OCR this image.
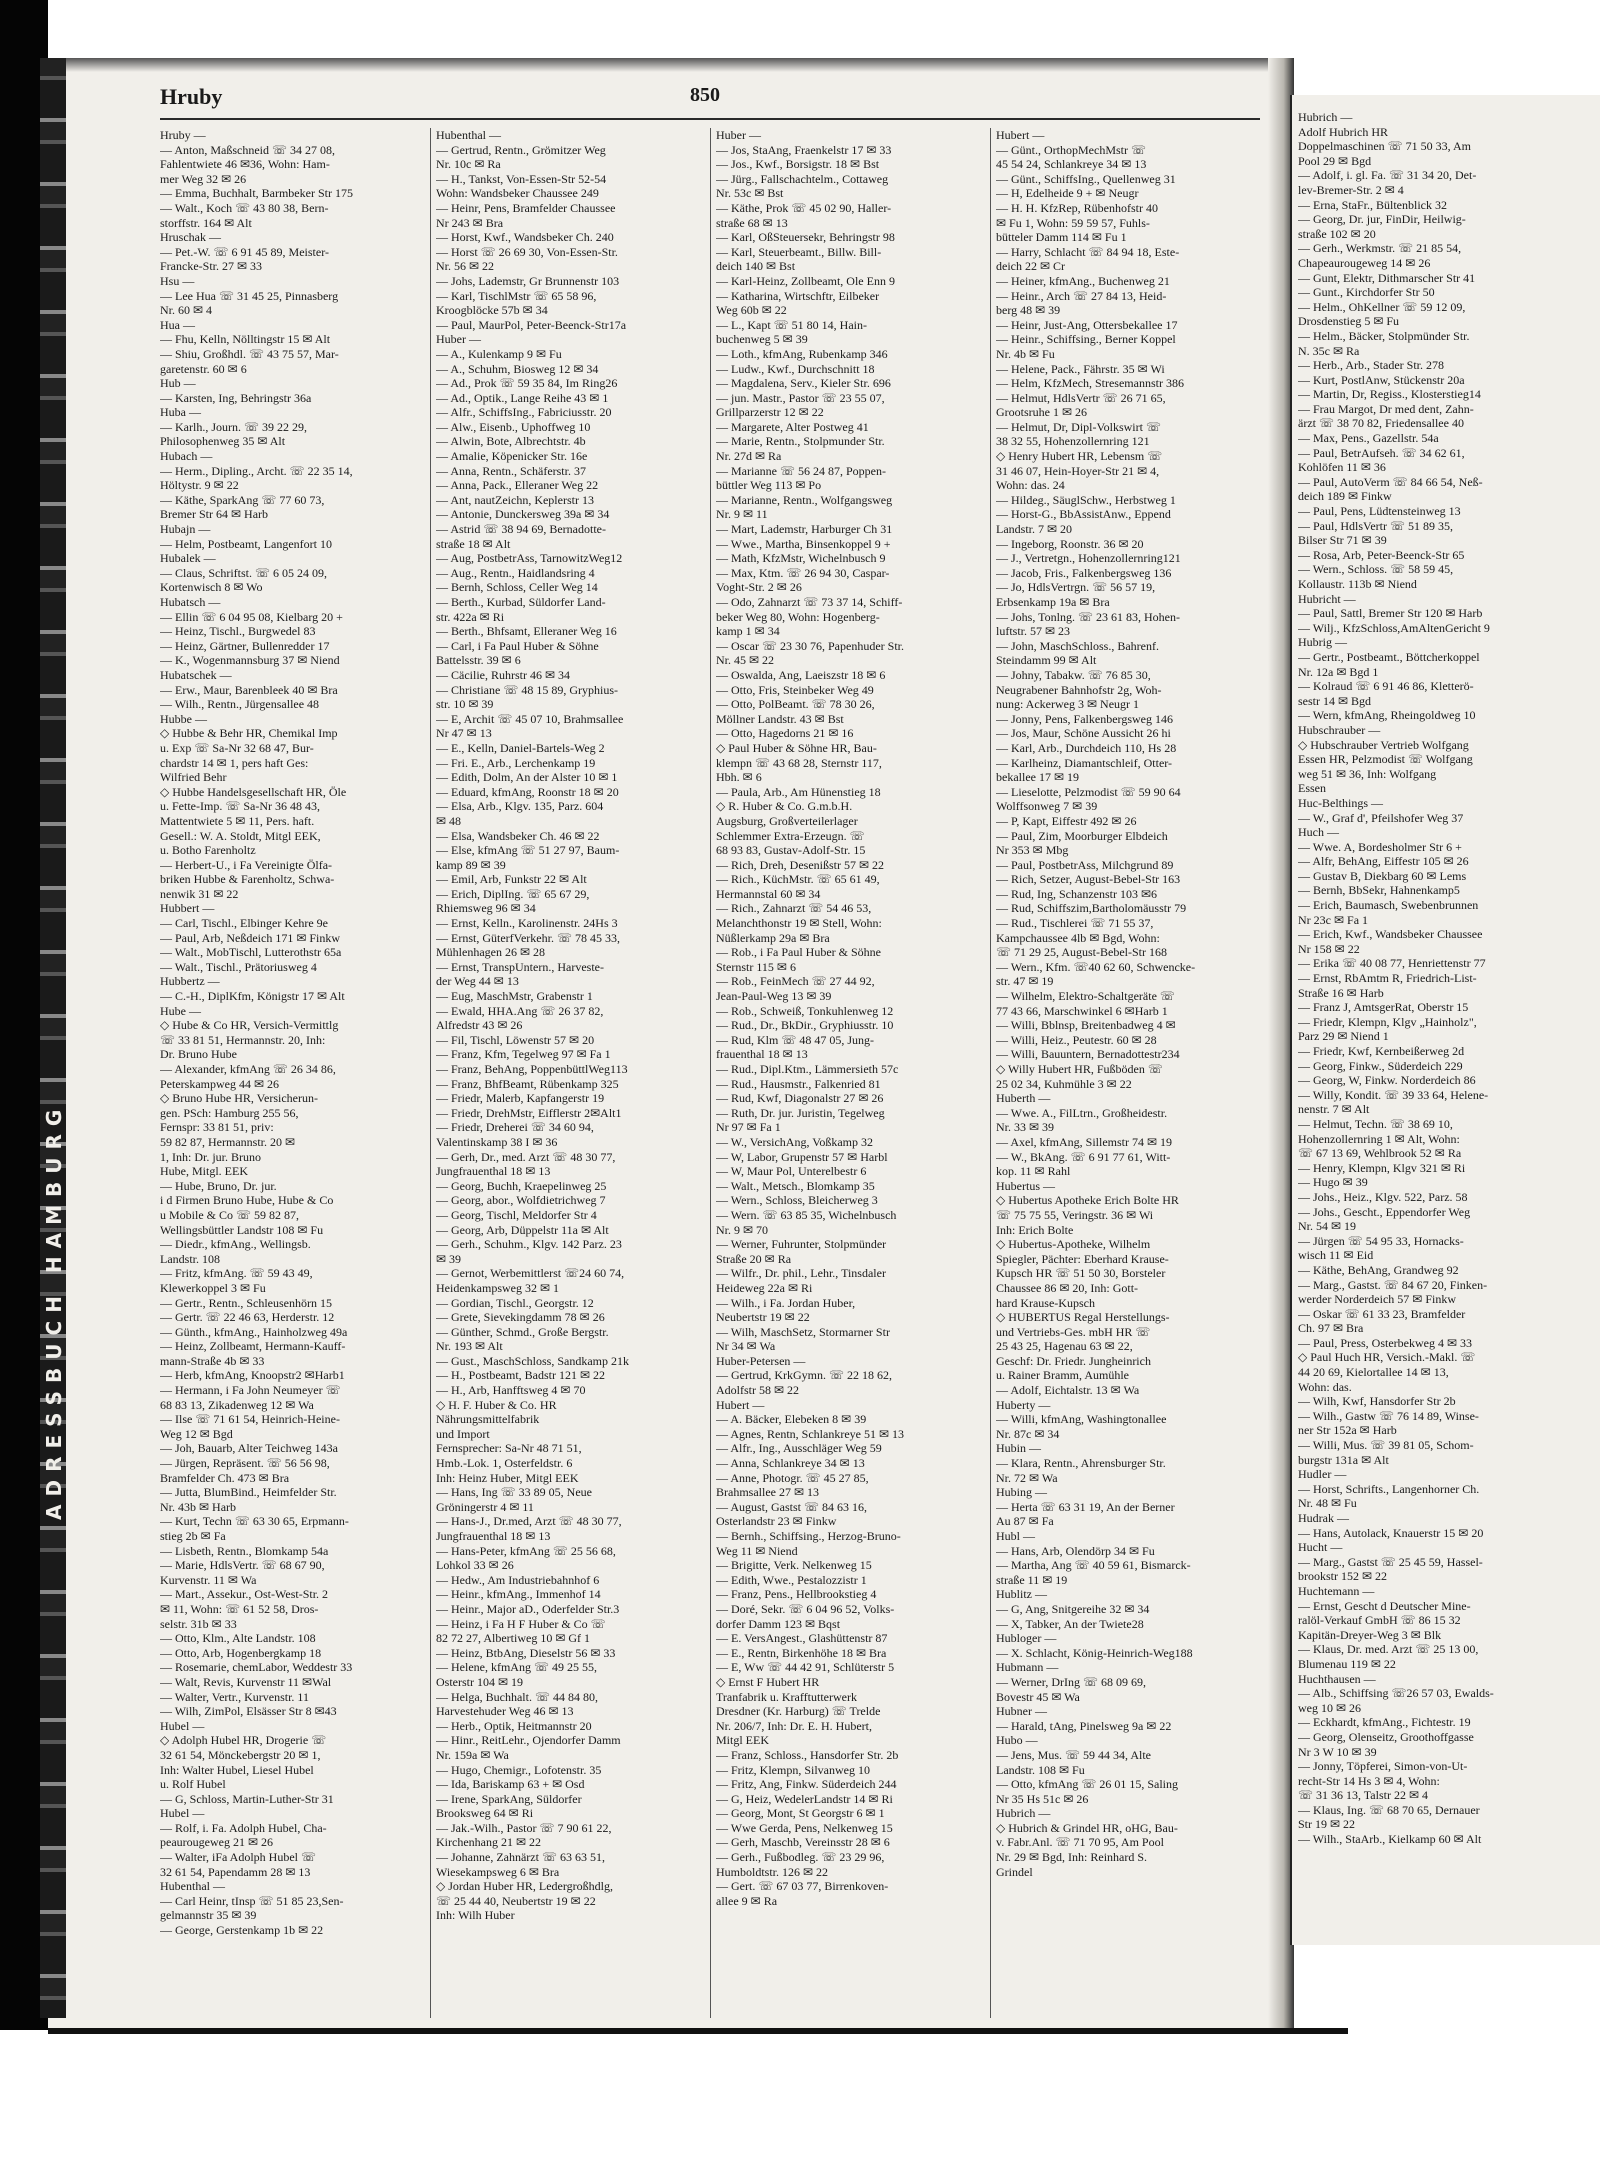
ADRESSBUCH HAMBURG
Hruby	850
Hruby —
— Anton, Maßschneid ☏ 34 27 08,
Fahlentwiete 46 ✉36, Wohn: Ham-
mer Weg 32 ✉ 26
— Emma, Buchhalt, Barmbeker Str 175
— Walt., Koch ☏ 43 80 38, Bern-
storffstr. 164 ✉ Alt
Hruschak —
— Pet.-W. ☏ 6 91 45 89, Meister-
Francke-Str. 27 ✉ 33
Hsu —
— Lee Hua ☏ 31 45 25, Pinnasberg
Nr. 60 ✉ 4
Hua —
— Fhu, Kelln, Nölltingstr 15 ✉ Alt
— Shiu, Großhdl. ☏ 43 75 57, Mar-
garetenstr. 60 ✉ 6
Hub —
— Karsten, Ing, Behringstr 36a
Huba —
— Karlh., Journ. ☏ 39 22 29,
Philosophenweg 35 ✉ Alt
Hubach —
— Herm., Dipling., Archt. ☏ 22 35 14,
Höltystr. 9 ✉ 22
— Käthe, SparkAng ☏ 77 60 73,
Bremer Str 64 ✉ Harb
Hubajn —
— Helm, Postbeamt, Langenfort 10
Hubalek —
— Claus, Schriftst. ☏ 6 05 24 09,
Kortenwisch 8 ✉ Wo
Hubatsch —
— Ellin ☏ 6 04 95 08, Kielbarg 20 +
— Heinz, Tischl., Burgwedel 83
— Heinz, Gärtner, Bullenredder 17
— K., Wogenmannsburg 37 ✉ Niend
Hubatschek —
— Erw., Maur, Barenbleek 40 ✉ Bra
— Wilh., Rentn., Jürgensallee 48
Hubbe —
◇ Hubbe & Behr HR, Chemikal Imp
u. Exp ☏ Sa-Nr 32 68 47, Bur-
chardstr 14 ✉ 1, pers haft Ges:
Wilfried Behr
◇ Hubbe Handelsgesellschaft HR, Öle
u. Fette-Imp. ☏ Sa-Nr 36 48 43,
Mattentwiete 5 ✉ 11, Pers. haft.
Gesell.: W. A. Stoldt, Mitgl EEK,
u. Botho Farenholtz
— Herbert-U., i Fa Vereinigte Ölfa-
briken Hubbe & Farenholtz, Schwa-
nenwik 31 ✉ 22
Hubbert —
— Carl, Tischl., Elbinger Kehre 9e
— Paul, Arb, Neßdeich 171 ✉ Finkw
— Walt., MobTischl, Lutterothstr 65a
— Walt., Tischl., Prätoriusweg 4
Hubbertz —
— C.-H., DiplKfm, Königstr 17 ✉ Alt
Hube —
◇ Hube & Co HR, Versich-Vermittlg
☏ 33 81 51, Hermannstr. 20, Inh:
Dr. Bruno Hube
— Alexander, kfmAng ☏ 26 34 86,
Peterskampweg 44 ✉ 26
◇ Bruno Hube HR, Versicherun-
gen. PSch: Hamburg 255 56,
Fernspr: 33 81 51, priv:
59 82 87, Hermannstr. 20 ✉
1, Inh: Dr. jur. Bruno
Hube, Mitgl. EEK
— Hube, Bruno, Dr. jur.
i d Firmen Bruno Hube, Hube & Co
u Mobile & Co ☏ 59 82 87,
Wellingsbüttler Landstr 108 ✉ Fu
— Diedr., kfmAng., Wellingsb.
Landstr. 108
— Fritz, kfmAng. ☏ 59 43 49,
Klewerkoppel 3 ✉ Fu
— Gertr., Rentn., Schleusenhörn 15
— Gertr. ☏ 22 46 63, Herderstr. 12
— Günth., kfmAng., Hainholzweg 49a
— Heinz, Zollbeamt, Hermann-Kauff-
mann-Straße 4b ✉ 33
— Herb, kfmAng, Knoopstr2 ✉Harb1
— Hermann, i Fa John Neumeyer ☏
68 83 13, Zikadenweg 12 ✉ Wa
— Ilse ☏ 71 61 54, Heinrich-Heine-
Weg 12 ✉ Bgd
— Joh, Bauarb, Alter Teichweg 143a
— Jürgen, Repräsent. ☏ 56 56 98,
Bramfelder Ch. 473 ✉ Bra
— Jutta, BlumBind., Heimfelder Str.
Nr. 43b ✉ Harb
— Kurt, Techn ☏ 63 30 65, Erpmann-
stieg 2b ✉ Fa
— Lisbeth, Rentn., Blomkamp 54a
— Marie, HdlsVertr. ☏ 68 67 90,
Kurvenstr. 11 ✉ Wa
— Mart., Assekur., Ost-West-Str. 2
✉ 11, Wohn: ☏ 61 52 58, Dros-
selstr. 31b ✉ 33
— Otto, Klm., Alte Landstr. 108
— Otto, Arb, Hogenbergkamp 18
— Rosemarie, chemLabor, Weddestr 33
— Walt, Revis, Kurvenstr 11 ✉Wal
— Walter, Vertr., Kurvenstr. 11
— Wilh, ZimPol, Elsässer Str 8 ✉43
Hubel —
◇ Adolph Hubel HR, Drogerie ☏
32 61 54, Mönckebergstr 20 ✉ 1,
Inh: Walter Hubel, Liesel Hubel
u. Rolf Hubel
— G, Schloss, Martin-Luther-Str 31
Hubel —
— Rolf, i. Fa. Adolph Hubel, Cha-
peaurougeweg 21 ✉ 26
— Walter, iFa Adolph Hubel ☏
32 61 54, Papendamm 28 ✉ 13
Hubenthal —
— Carl Heinr, tInsp ☏ 51 85 23,Sen-
gelmannstr 35 ✉ 39
— George, Gerstenkamp 1b ✉ 22
Hubenthal —
— Gertrud, Rentn., Grömitzer Weg
Nr. 10c ✉ Ra
— H., Tankst, Von-Essen-Str 52-54
Wohn: Wandsbeker Chaussee 249
— Heinr, Pens, Bramfelder Chaussee
Nr 243 ✉ Bra
— Horst, Kwf., Wandsbeker Ch. 240
— Horst ☏ 26 69 30, Von-Essen-Str.
Nr. 56 ✉ 22
— Johs, Lademstr, Gr Brunnenstr 103
— Karl, TischlMstr ☏ 65 58 96,
Kroogblöcke 57b ✉ 34
— Paul, MaurPol, Peter-Beenck-Str17a
Huber —
— A., Kulenkamp 9 ✉ Fu
— A., Schuhm, Biosweg 12 ✉ 34
— Ad., Prok ☏ 59 35 84, Im Ring26
— Ad., Optik., Lange Reihe 43 ✉ 1
— Alfr., SchiffsIng., Fabriciusstr. 20
— Alw., Eisenb., Uphoffweg 10
— Alwin, Bote, Albrechtstr. 4b
— Amalie, Köpenicker Str. 16e
— Anna, Rentn., Schäferstr. 37
— Anna, Pack., Elleraner Weg 22
— Ant, nautZeichn, Keplerstr 13
— Antonie, Dunckersweg 39a ✉ 34
— Astrid ☏ 38 94 69, Bernadotte-
straße 18 ✉ Alt
— Aug, PostbetrAss, TarnowitzWeg12
— Aug., Rentn., Haidlandsring 4
— Bernh, Schloss, Celler Weg 14
— Berth., Kurbad, Süldorfer Land-
str. 422a ✉ Ri
— Berth., Bhfsamt, Elleraner Weg 16
— Carl, i Fa Paul Huber & Söhne
Battelsstr. 39 ✉ 6
— Cäcilie, Ruhrstr 46 ✉ 34
— Christiane ☏ 48 15 89, Gryphius-
str. 10 ✉ 39
— E, Archit ☏ 45 07 10, Brahmsallee
Nr 47 ✉ 13
— E., Kelln, Daniel-Bartels-Weg 2
— Fri. E., Arb., Lerchenkamp 19
— Edith, Dolm, An der Alster 10 ✉ 1
— Eduard, kfmAng, Roonstr 18 ✉ 20
— Elsa, Arb., Klgv. 135, Parz. 604
✉ 48
— Elsa, Wandsbeker Ch. 46 ✉ 22
— Else, kfmAng ☏ 51 27 97, Baum-
kamp 89 ✉ 39
— Emil, Arb, Funkstr 22 ✉ Alt
— Erich, DiplIng. ☏ 65 67 29,
Rhiemsweg 96 ✉ 34
— Ernst, Kelln., Karolinenstr. 24Hs 3
— Ernst, GüterfVerkehr. ☏ 78 45 33,
Mühlenhagen 26 ✉ 28
— Ernst, TranspUntern., Harveste-
der Weg 44 ✉ 13
— Eug, MaschMstr, Grabenstr 1
— Ewald, HHA.Ang ☏ 26 37 82,
Alfredstr 43 ✉ 26
— Fil, Tischl, Löwenstr 57 ✉ 20
— Franz, Kfm, Tegelweg 97 ✉ Fa 1
— Franz, BehAng, PoppenbüttlWeg113
— Franz, BhfBeamt, Rübenkamp 325
— Friedr, Malerb, Kapfangerstr 19
— Friedr, DrehMstr, Eifflerstr 2✉Alt1
— Friedr, Dreherei ☏ 34 60 94,
Valentinskamp 38 I ✉ 36
— Gerh, Dr., med. Arzt ☏ 48 30 77,
Jungfrauenthal 18 ✉ 13
— Georg, Buchh, Kraepelinweg 25
— Georg, abor., Wolfdietrichweg 7
— Georg, Tischl, Meldorfer Str 4
— Georg, Arb, Düppelstr 11a ✉ Alt
— Gerh., Schuhm., Klgv. 142 Parz. 23
✉ 39
— Gernot, Werbemittlerst ☏24 60 74,
Heidenkampsweg 32 ✉ 1
— Gordian, Tischl., Georgstr. 12
— Grete, Sievekingdamm 78 ✉ 26
— Günther, Schmd., Große Bergstr.
Nr. 193 ✉ Alt
— Gust., MaschSchloss, Sandkamp 21k
— H., Postbeamt, Badstr 121 ✉ 22
— H., Arb, Hanfftsweg 4 ✉ 70
◇ H. F. Huber & Co. HR
Nährungsmittelfabrik
und Import
Fernsprecher: Sa-Nr 48 71 51,
Hmb.-Lok. 1, Osterfeldstr. 6
Inh: Heinz Huber, Mitgl EEK
— Hans, Ing ☏ 33 89 05, Neue
Gröningerstr 4 ✉ 11
— Hans-J., Dr.med, Arzt ☏ 48 30 77,
Jungfrauenthal 18 ✉ 13
— Hans-Peter, kfmAng ☏ 25 56 68,
Lohkol 33 ✉ 26
— Hedw., Am Industriebahnhof 6
— Heinr., kfmAng., Immenhof 14
— Heinr., Major aD., Oderfelder Str.3
— Heinz, i Fa H F Huber & Co ☏
82 72 27, Albertiweg 10 ✉ Gf 1
— Heinz, BtbAng, Dieselstr 56 ✉ 33
— Helene, kfmAng ☏ 49 25 55,
Osterstr 104 ✉ 19
— Helga, Buchhalt. ☏ 44 84 80,
Harvestehuder Weg 46 ✉ 13
— Herb., Optik, Heitmannstr 20
— Hinr., ReitLehr., Ojendorfer Damm
Nr. 159a ✉ Wa
— Hugo, Chemigr., Lofotenstr. 35
— Ida, Bariskamp 63 + ✉ Osd
— Irene, SparkAng, Süldorfer
Brooksweg 64 ✉ Ri
— Jak.-Wilh., Pastor ☏ 7 90 61 22,
Kirchenhang 21 ✉ 22
— Johanne, Zahnärzt ☏ 63 63 51,
Wiesekampsweg 6 ✉ Bra
◇ Jordan Huber HR, Ledergroßhdlg,
☏ 25 44 40, Neubertstr 19 ✉ 22
Inh: Wilh Huber
Huber —
— Jos, StaAng, Fraenkelstr 17 ✉ 33
— Jos., Kwf., Borsigstr. 18 ✉ Bst
— Jürg., Fallschachtelm., Cottaweg
Nr. 53c ✉ Bst
— Käthe, Prok ☏ 45 02 90, Haller-
straße 68 ✉ 13
— Karl, OßSteuersekr, Behringstr 98
— Karl, Steuerbeamt., Billw. Bill-
deich 140 ✉ Bst
— Karl-Heinz, Zollbeamt, Ole Enn 9
— Katharina, Wirtschftr, Eilbeker
Weg 60b ✉ 22
— L., Kapt ☏ 51 80 14, Hain-
buchenweg 5 ✉ 39
— Loth., kfmAng, Rubenkamp 346
— Ludw., Kwf., Durchschnitt 18
— Magdalena, Serv., Kieler Str. 696
— jun. Mastr., Pastor ☏ 23 55 07,
Grillparzerstr 12 ✉ 22
— Margarete, Alter Postweg 41
— Marie, Rentn., Stolpmunder Str.
Nr. 27d ✉ Ra
— Marianne ☏ 56 24 87, Poppen-
büttler Weg 113 ✉ Po
— Marianne, Rentn., Wolfgangsweg
Nr. 9 ✉ 11
— Mart, Lademstr, Harburger Ch 31
— Wwe., Martha, Binsenkoppel 9 +
— Math, KfzMstr, Wichelnbusch 9
— Max, Ktm. ☏ 26 94 30, Caspar-
Voght-Str. 2 ✉ 26
— Odo, Zahnarzt ☏ 73 37 14, Schiff-
beker Weg 80, Wohn: Hogenberg-
kamp 1 ✉ 34
— Oscar ☏ 23 30 76, Papenhuder Str.
Nr. 45 ✉ 22
— Oswalda, Ang, Laeiszstr 18 ✉ 6
— Otto, Fris, Steinbeker Weg 49
— Otto, PolBeamt. ☏ 78 30 26,
Möllner Landstr. 43 ✉ Bst
— Otto, Hagedorns 21 ✉ 16
◇ Paul Huber & Söhne HR, Bau-
klempn ☏ 43 68 28, Sternstr 117,
Hbh. ✉ 6
— Paula, Arb., Am Hünenstieg 18
◇ R. Huber & Co. G.m.b.H.
Augsburg, Großverteilerlager
Schlemmer Extra-Erzeugn. ☏
68 93 83, Gustav-Adolf-Str. 15
— Rich, Dreh, Desenißstr 57 ✉ 22
— Rich., KüchMstr. ☏ 65 61 49,
Hermannstal 60 ✉ 34
— Rich., Zahnarzt ☏ 54 46 53,
Melanchthonstr 19 ✉ Stell, Wohn:
Nüßlerkamp 29a ✉ Bra
— Rob., i Fa Paul Huber & Söhne
Sternstr 115 ✉ 6
— Rob., FeinMech ☏ 27 44 92,
Jean-Paul-Weg 13 ✉ 39
— Rob., Schweiß, Tonkuhlenweg 12
— Rud., Dr., BkDir., Gryphiusstr. 10
— Rud, Klm ☏ 48 47 05, Jung-
frauenthal 18 ✉ 13
— Rud., Dipl.Ktm., Lämmersieth 57c
— Rud., Hausmstr., Falkenried 81
— Rud, Kwf, Diagonalstr 27 ✉ 26
— Ruth, Dr. jur. Juristin, Tegelweg
Nr 97 ✉ Fa 1
— W., VersichAng, Voßkamp 32
— W, Labor, Grupenstr 57 ✉ Harbl
— W, Maur Pol, Unterelbestr 6
— Walt., Metsch., Blomkamp 35
— Wern., Schloss, Bleicherweg 3
— Wern. ☏ 63 85 35, Wichelnbusch
Nr. 9 ✉ 70
— Werner, Fuhrunter, Stolpmünder
Straße 20 ✉ Ra
— Wilfr., Dr. phil., Lehr., Tinsdaler
Heideweg 22a ✉ Ri
— Wilh., i Fa. Jordan Huber,
Neubertstr 19 ✉ 22
— Wilh, MaschSetz, Stormarner Str
Nr 34 ✉ Wa
Huber-Petersen —
— Gertrud, KrkGymn. ☏ 22 18 62,
Adolfstr 58 ✉ 22
Hubert —
— A. Bäcker, Elebeken 8 ✉ 39
— Agnes, Rentn, Schlankreye 51 ✉ 13
— Alfr., Ing., Ausschläger Weg 59
— Anna, Schlankreye 34 ✉ 13
— Anne, Photogr. ☏ 45 27 85,
Brahmsallee 27 ✉ 13
— August, Gastst ☏ 84 63 16,
Osterlandstr 23 ✉ Finkw
— Bernh., Schiffsing., Herzog-Bruno-
Weg 11 ✉ Niend
— Brigitte, Verk. Nelkenweg 15
— Edith, Wwe., Pestalozzistr 1
— Franz, Pens., Hellbrookstieg 4
— Doré, Sekr. ☏ 6 04 96 52, Volks-
dorfer Damm 123 ✉ Bqst
— E. VersAngest., Glashüttenstr 87
— E., Rentn, Birkenhöhe 18 ✉ Bra
— E, Ww ☏ 44 42 91, Schlüterstr 5
◇ Ernst F Hubert HR
Tranfabrik u. Krafftutterwerk
Dresdner (Kr. Harburg) ☏ Trelde
Nr. 206/7, Inh: Dr. E. H. Hubert,
Mitgl EEK
— Franz, Schloss., Hansdorfer Str. 2b
— Fritz, Klempn, Silvanweg 10
— Fritz, Ang, Finkw. Süderdeich 244
— G, Heiz, WedelerLandstr 14 ✉ Ri
— Georg, Mont, St Georgstr 6 ✉ 1
— Wwe Gerda, Pens, Nelkenweg 15
— Gerh, Maschb, Vereinsstr 28 ✉ 6
— Gerh., Fußbodleg. ☏ 23 29 96,
Humboldtstr. 126 ✉ 22
— Gert. ☏ 67 03 77, Birrenkoven-
allee 9 ✉ Ra
Hubert —
— Günt., OrthopMechMstr ☏
45 54 24, Schlankreye 34 ✉ 13
— Günt., SchiffsIng., Quellenweg 31
— H, Edelheide 9 + ✉ Neugr
— H. H. KfzRep, Rübenhofstr 40
✉ Fu 1, Wohn: 59 59 57, Fuhls-
bütteler Damm 114 ✉ Fu 1
— Harry, Schlacht ☏ 84 94 18, Este-
deich 22 ✉ Cr
— Heiner, kfmAng., Buchenweg 21
— Heinr., Arch ☏ 27 84 13, Heid-
berg 48 ✉ 39
— Heinr, Just-Ang, Ottersbekallee 17
— Heinr., Schiffsing., Berner Koppel
Nr. 4b ✉ Fu
— Helene, Pack., Fährstr. 35 ✉ Wi
— Helm, KfzMech, Stresemannstr 386
— Helmut, HdlsVertr ☏ 26 71 65,
Grootsruhe 1 ✉ 26
— Helmut, Dr, Dipl-Volkswirt ☏
38 32 55, Hohenzollernring 121
◇ Henry Hubert HR, Lebensm ☏
31 46 07, Hein-Hoyer-Str 21 ✉ 4,
Wohn: das. 24
— Hildeg., SäuglSchw., Herbstweg 1
— Horst-G., BbAssistAnw., Eppend
Landstr. 7 ✉ 20
— Ingeborg, Roonstr. 36 ✉ 20
— J., Vertretgn., Hohenzollernring121
— Jacob, Fris., Falkenbergsweg 136
— Jo, HdlsVertrgn. ☏ 56 57 19,
Erbsenkamp 19a ✉ Bra
— Johs, Tonlng. ☏ 23 61 83, Hohen-
luftstr. 57 ✉ 23
— John, MaschSchloss., Bahrenf.
Steindamm 99 ✉ Alt
— Johny, Tabakw. ☏ 76 85 30,
Neugrabener Bahnhofstr 2g, Woh-
nung: Ackerweg 3 ✉ Neugr 1
— Jonny, Pens, Falkenbergsweg 146
— Jos, Maur, Schöne Aussicht 26 hi
— Karl, Arb., Durchdeich 110, Hs 28
— Karlheinz, Diamantschleif, Otter-
bekallee 17 ✉ 19
— Lieselotte, Pelzmodist ☏ 59 90 64
Wolffsonweg 7 ✉ 39
— P, Kapt, Eiffestr 492 ✉ 26
— Paul, Zim, Moorburger Elbdeich
Nr 353 ✉ Mbg
— Paul, PostbetrAss, Milchgrund 89
— Rich, Setzer, August-Bebel-Str 163
— Rud, Ing, Schanzenstr 103 ✉6
— Rud, Schiffszim,Bartholomäusstr 79
— Rud., Tischlerei ☏ 71 55 37,
Kampchaussee 4lb ✉ Bgd, Wohn:
☏ 71 29 25, August-Bebel-Str 168
— Wern., Kfm. ☏40 62 60, Schwencke-
str. 47 ✉ 19
— Wilhelm, Elektro-Schaltgeräte ☏
77 43 66, Marschwinkel 6 ✉Harb 1
— Willi, Bblnsp, Breitenbadweg 4 ✉
— Willi, Heiz., Peutestr. 60 ✉ 28
— Willi, Bauuntern, Bernadottestr234
◇ Willy Hubert HR, Fußböden ☏
25 02 34, Kuhmühle 3 ✉ 22
Huberth —
— Wwe. A., FilLtrn., Großheidestr.
Nr. 33 ✉ 39
— Axel, kfmAng, Sillemstr 74 ✉ 19
— W., BkAng. ☏ 6 91 77 61, Witt-
kop. 11 ✉ Rahl
Hubertus —
◇ Hubertus Apotheke Erich Bolte HR
☏ 75 75 55, Veringstr. 36 ✉ Wi
Inh: Erich Bolte
◇ Hubertus-Apotheke, Wilhelm
Spiegler, Pächter: Eberhard Krause-
Kupsch HR ☏ 51 50 30, Borsteler
Chaussee 86 ✉ 20, Inh: Gott-
hard Krause-Kupsch
◇ HUBERTUS Regal Herstellungs-
und Vertriebs-Ges. mbH HR ☏
25 43 25, Hagenau 63 ✉ 22,
Geschf: Dr. Friedr. Jungheinrich
u. Rainer Bramm, Aumühle
— Adolf, Eichtalstr. 13 ✉ Wa
Huberty —
— Willi, kfmAng, Washingtonallee
Nr. 87c ✉ 34
Hubin —
— Klara, Rentn., Ahrensburger Str.
Nr. 72 ✉ Wa
Hubing —
— Herta ☏ 63 31 19, An der Berner
Au 87 ✉ Fa
Hubl —
— Hans, Arb, Olendörp 34 ✉ Fu
— Martha, Ang ☏ 40 59 61, Bismarck-
straße 11 ✉ 19
Hublitz —
— G, Ang, Snitgereihe 32 ✉ 34
— X, Tabker, An der Twiete28
Hubloger —
— X. Schlacht, König-Heinrich-Weg188
Hubmann —
— Werner, DrIng ☏ 68 09 69,
Bovestr 45 ✉ Wa
Hubner —
— Harald, tAng, Pinelsweg 9a ✉ 22
Hubo —
— Jens, Mus. ☏ 59 44 34, Alte
Landstr. 108 ✉ Fu
— Otto, kfmAng ☏ 26 01 15, Saling
Nr 35 Hs 51c ✉ 26
Hubrich —
◇ Hubrich & Grindel HR, oHG, Bau-
v. Fabr.Anl. ☏ 71 70 95, Am Pool
Nr. 29 ✉ Bgd, Inh: Reinhard S.
Grindel
Hubrich —
Adolf Hubrich HR
Doppelmaschinen ☏ 71 50 33, Am
Pool 29 ✉ Bgd
— Adolf, i. gl. Fa. ☏ 31 34 20, Det-
lev-Bremer-Str. 2 ✉ 4
— Erna, StaFr., Bültenblick 32
— Georg, Dr. jur, FinDir, Heilwig-
straße 102 ✉ 20
— Gerh., Werkmstr. ☏ 21 85 54,
Chapeaurougeweg 14 ✉ 26
— Gunt, Elektr, Dithmarscher Str 41
— Gunt., Kirchdorfer Str 50
— Helm., OhKellner ☏ 59 12 09,
Drosdenstieg 5 ✉ Fu
— Helm., Bäcker, Stolpmünder Str.
N. 35c ✉ Ra
— Herb., Arb., Stader Str. 278
— Kurt, PostlAnw, Stückenstr 20a
— Martin, Dr, Regiss., Klosterstieg14
— Frau Margot, Dr med dent, Zahn-
ärzt ☏ 38 70 82, Friedensallee 40
— Max, Pens., Gazellstr. 54a
— Paul, BetrAufseh. ☏ 34 62 61,
Kohlöfen 11 ✉ 36
— Paul, AutoVerm ☏ 84 66 54, Neß-
deich 189 ✉ Finkw
— Paul, Pens, Lüdtensteinweg 13
— Paul, HdlsVertr ☏ 51 89 35,
Bilser Str 71 ✉ 39
— Rosa, Arb, Peter-Beenck-Str 65
— Wern., Schloss. ☏ 58 59 45,
Kollaustr. 113b ✉ Niend
Hubricht —
— Paul, Sattl, Bremer Str 120 ✉ Harb
— Wilj., KfzSchloss,AmAltenGericht 9
Hubrig —
— Gertr., Postbeamt., Böttcherkoppel
Nr. 12a ✉ Bgd 1
— Kolraud ☏ 6 91 46 86, Kletterö-
sestr 14 ✉ Bgd
— Wern, kfmAng, Rheingoldweg 10
Hubschrauber —
◇ Hubschrauber Vertrieb Wolfgang
Essen HR, Pelzmodist ☏ Wolfgang
weg 51 ✉ 36, Inh: Wolfgang
Essen
Huc-Belthings —
— W., Graf d', Pfeilshofer Weg 37
Huch —
— Wwe. A, Bordesholmer Str 6 +
— Alfr, BehAng, Eiffestr 105 ✉ 26
— Gustav B, Diekbarg 60 ✉ Lems
— Bernh, BbSekr, Hahnenkamp5
— Erich, Baumasch, Swebenbrunnen
Nr 23c ✉ Fa 1
— Erich, Kwf., Wandsbeker Chaussee
Nr 158 ✉ 22
— Erika ☏ 40 08 77, Henriettenstr 77
— Ernst, RbAmtm R, Friedrich-List-
Straße 16 ✉ Harb
— Franz J, AmtsgerRat, Oberstr 15
— Friedr, Klempn, Klgv „Hainholz",
Parz 29 ✉ Niend 1
— Friedr, Kwf, Kernbeißerweg 2d
— Georg, Finkw., Süderdeich 229
— Georg, W, Finkw. Norderdeich 86
— Willy, Kondit. ☏ 39 33 64, Helene-
nenstr. 7 ✉ Alt
— Helmut, Techn. ☏ 38 69 10,
Hohenzollernring 1 ✉ Alt, Wohn:
☏ 67 13 69, Wehlbrook 52 ✉ Ra
— Henry, Klempn, Klgv 321 ✉ Ri
— Hugo ✉ 39
— Johs., Heiz., Klgv. 522, Parz. 58
— Johs., Gescht., Eppendorfer Weg
Nr. 54 ✉ 19
— Jürgen ☏ 54 95 33, Hornacks-
wisch 11 ✉ Eid
— Käthe, BehAng, Grandweg 92
— Marg., Gastst. ☏ 84 67 20, Finken-
werder Norderdeich 57 ✉ Finkw
— Oskar ☏ 61 33 23, Bramfelder
Ch. 97 ✉ Bra
— Paul, Press, Osterbekweg 4 ✉ 33
◇ Paul Huch HR, Versich.-Makl. ☏
44 20 69, Kielortallee 14 ✉ 13,
Wohn: das.
— Wilh, Kwf, Hansdorfer Str 2b
— Wilh., Gastw ☏ 76 14 89, Winse-
ner Str 152a ✉ Harb
— Willi, Mus. ☏ 39 81 05, Schom-
burgstr 131a ✉ Alt
Hudler —
— Horst, Schrifts., Langenhorner Ch.
Nr. 48 ✉ Fu
Hudrak —
— Hans, Autolack, Knauerstr 15 ✉ 20
Hucht —
— Marg., Gastst ☏ 25 45 59, Hassel-
brookstr 152 ✉ 22
Huchtemann —
— Ernst, Gescht d Deutscher Mine-
ralöl-Verkauf GmbH ☏ 86 15 32
Kapitän-Dreyer-Weg 3 ✉ Blk
— Klaus, Dr. med. Arzt ☏ 25 13 00,
Blumenau 119 ✉ 22
Huchthausen —
— Alb., Schiffsing ☏26 57 03, Ewalds-
weg 10 ✉ 26
— Eckhardt, kfmAng., Fichtestr. 19
— Georg, Olenseitz, Groothoffgasse
Nr 3 W 10 ✉ 39
— Jonny, Töpferei, Simon-von-Ut-
recht-Str 14 Hs 3 ✉ 4, Wohn:
☏ 31 36 13, Talstr 22 ✉ 4
— Klaus, Ing. ☏ 68 70 65, Dernauer
Str 19 ✉ 22
— Wilh., StaArb., Kielkamp 60 ✉ Alt
